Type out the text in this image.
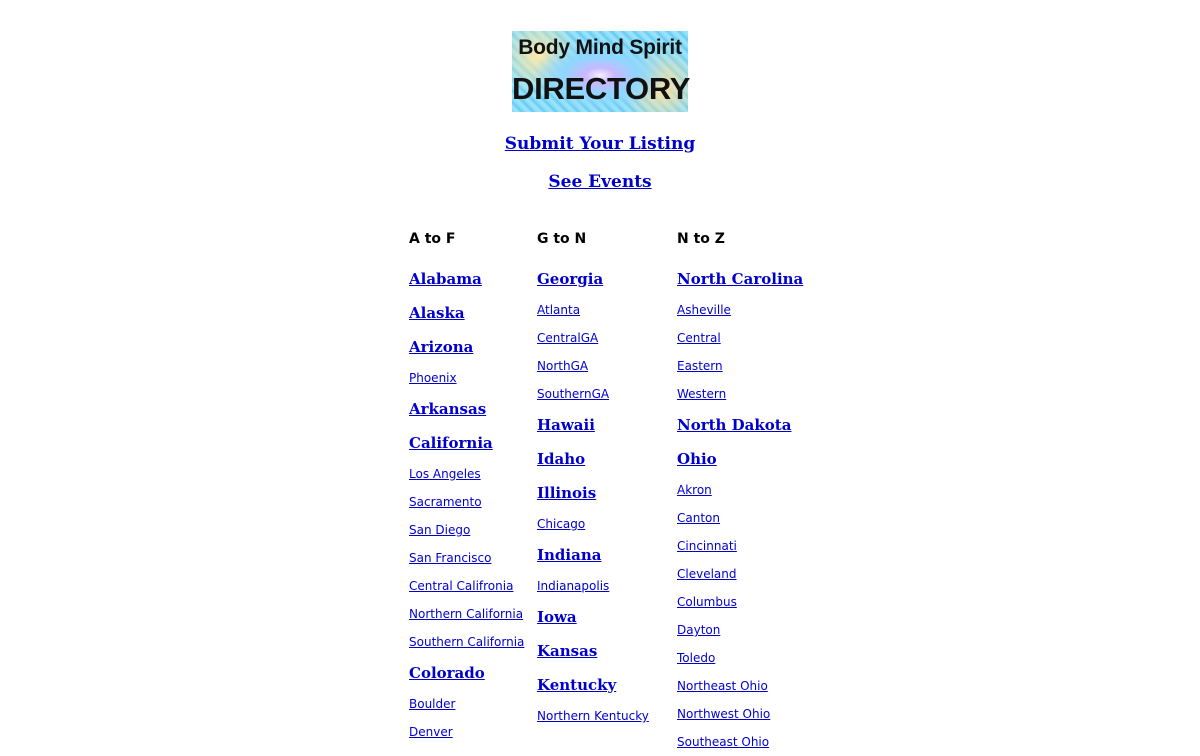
Body Mind Spirit
DIRECTORY
Submit Your Listing
See Events
A to F
Alabama
Alaska
Arizona
Phoenix
Arkansas
California
Los Angeles
Sacramento
San Diego
San Francisco
Central Califronia
Northern California
Southern California
Colorado
Boulder
Denver
G to N
Georgia
Atlanta
CentralGA
NorthGA
SouthernGA
Hawaii
Idaho
Illinois
Chicago
Indiana
Indianapolis
Iowa
Kansas
Kentucky
Northern Kentucky
N to Z
North Carolina
Asheville
Central
Eastern
Western
North Dakota
Ohio
Akron
Canton
Cincinnati
Cleveland
Columbus
Dayton
Toledo
Northeast Ohio
Northwest Ohio
Southeast Ohio
